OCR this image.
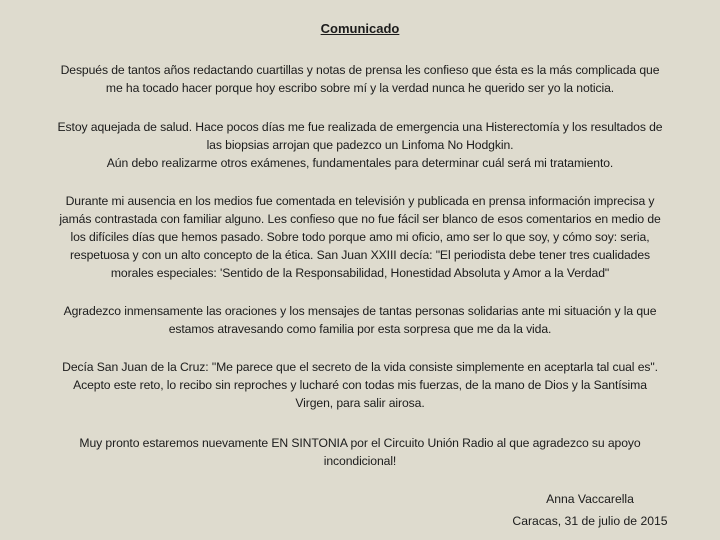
Comunicado
Después de tantos años redactando cuartillas y notas de prensa les confieso que ésta es la más complicada que
me ha tocado hacer porque hoy escribo sobre mí y la verdad nunca he querido ser yo la noticia.
Estoy aquejada de salud. Hace pocos días me fue realizada de emergencia una Histerectomía y los resultados de
las biopsias arrojan que padezco un Linfoma No Hodgkin.
Aún debo realizarme otros exámenes, fundamentales para determinar cuál será mi tratamiento.
Durante mi ausencia en los medios fue comentada en televisión y publicada en prensa información imprecisa y
jamás contrastada con familiar alguno. Les confieso que no fue fácil ser blanco de esos comentarios en medio de
los difíciles días que hemos pasado. Sobre todo porque amo mi oficio, amo ser lo que soy, y cómo soy: seria,
respetuosa y con un alto concepto de la ética. San Juan XXIII decía: "El periodista debe tener tres cualidades
morales especiales: 'Sentido de la Responsabilidad, Honestidad Absoluta y Amor a la Verdad"
Agradezco inmensamente las oraciones y los mensajes de tantas personas solidarias ante mi situación y la que
estamos atravesando como familia por esta sorpresa que me da la vida.
Decía San Juan de la Cruz: "Me parece que el secreto de la vida consiste simplemente en aceptarla tal cual es".
Acepto este reto, lo recibo sin reproches y lucharé con todas mis fuerzas, de la mano de Dios y la Santísima
Virgen, para salir airosa.
Muy pronto estaremos nuevamente EN SINTONIA por el Circuito Unión Radio al que agradezco su apoyo
incondicional!
Anna Vaccarella
Caracas, 31 de julio de 2015
